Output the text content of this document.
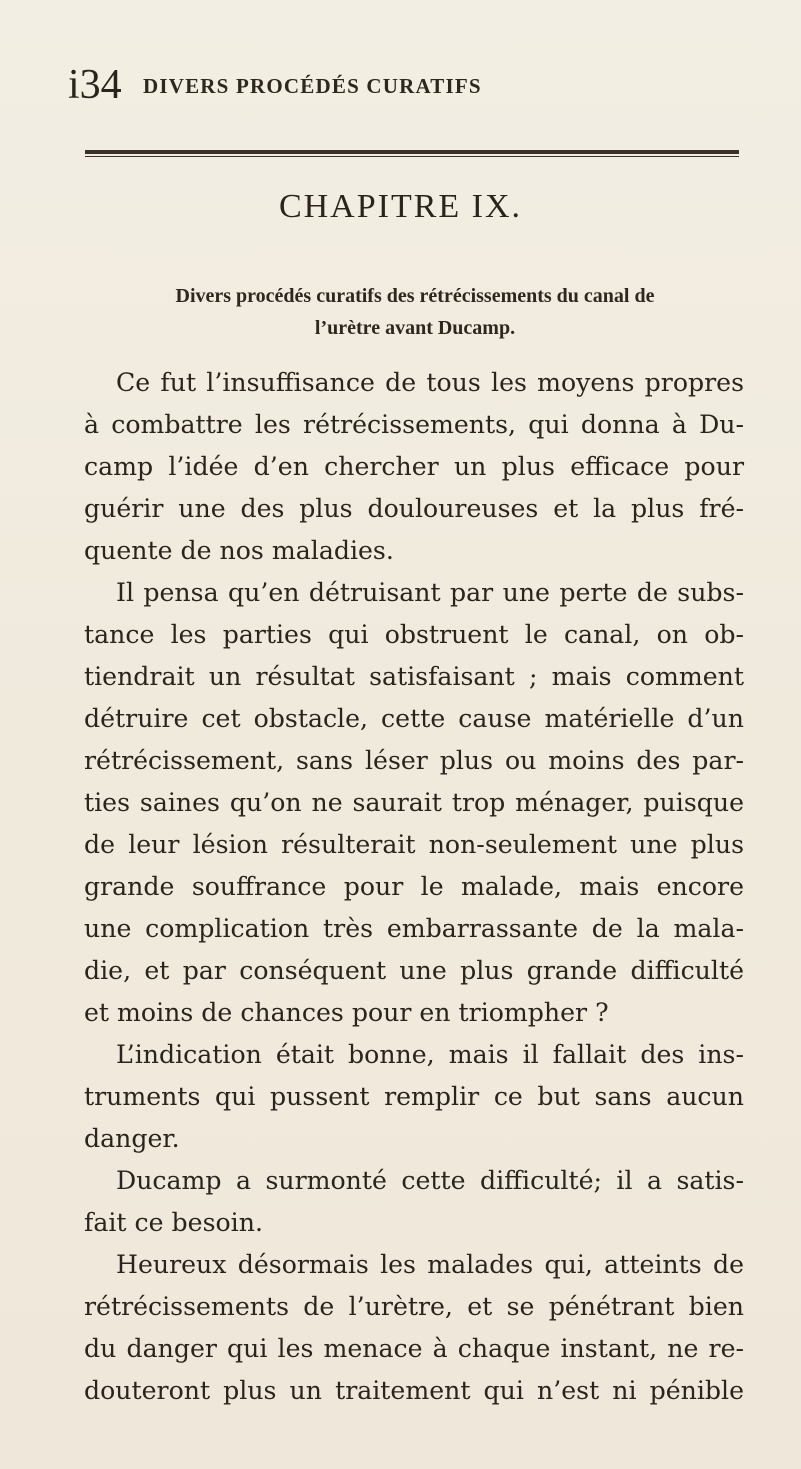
i34 DIVERS PROCÉDÉS CURATIFS
CHAPITRE IX.
Divers procédés curatifs des rétrécissements du canal de
l’urètre avant Ducamp.
Ce fut l’insuffisance de tous les moyens propres
à combattre les rétrécissements, qui donna à Du-
camp l’idée d’en chercher un plus efficace pour
guérir une des plus douloureuses et la plus fré-
quente de nos maladies.
Il pensa qu’en détruisant par une perte de subs-
tance les parties qui obstruent le canal, on ob-
tiendrait un résultat satisfaisant ; mais comment
détruire cet obstacle, cette cause matérielle d’un
rétrécissement, sans léser plus ou moins des par-
ties saines qu’on ne saurait trop ménager, puisque
de leur lésion résulterait non-seulement une plus
grande souffrance pour le malade, mais encore
une complication très embarrassante de la mala-
die, et par conséquent une plus grande difficulté
et moins de chances pour en triompher ?
L’indication était bonne, mais il fallait des ins-
truments qui pussent remplir ce but sans aucun
danger.
Ducamp a surmonté cette difficulté; il a satis-
fait ce besoin.
Heureux désormais les malades qui, atteints de
rétrécissements de l’urètre, et se pénétrant bien
du danger qui les menace à chaque instant, ne re-
douteront plus un traitement qui n’est ni pénible
